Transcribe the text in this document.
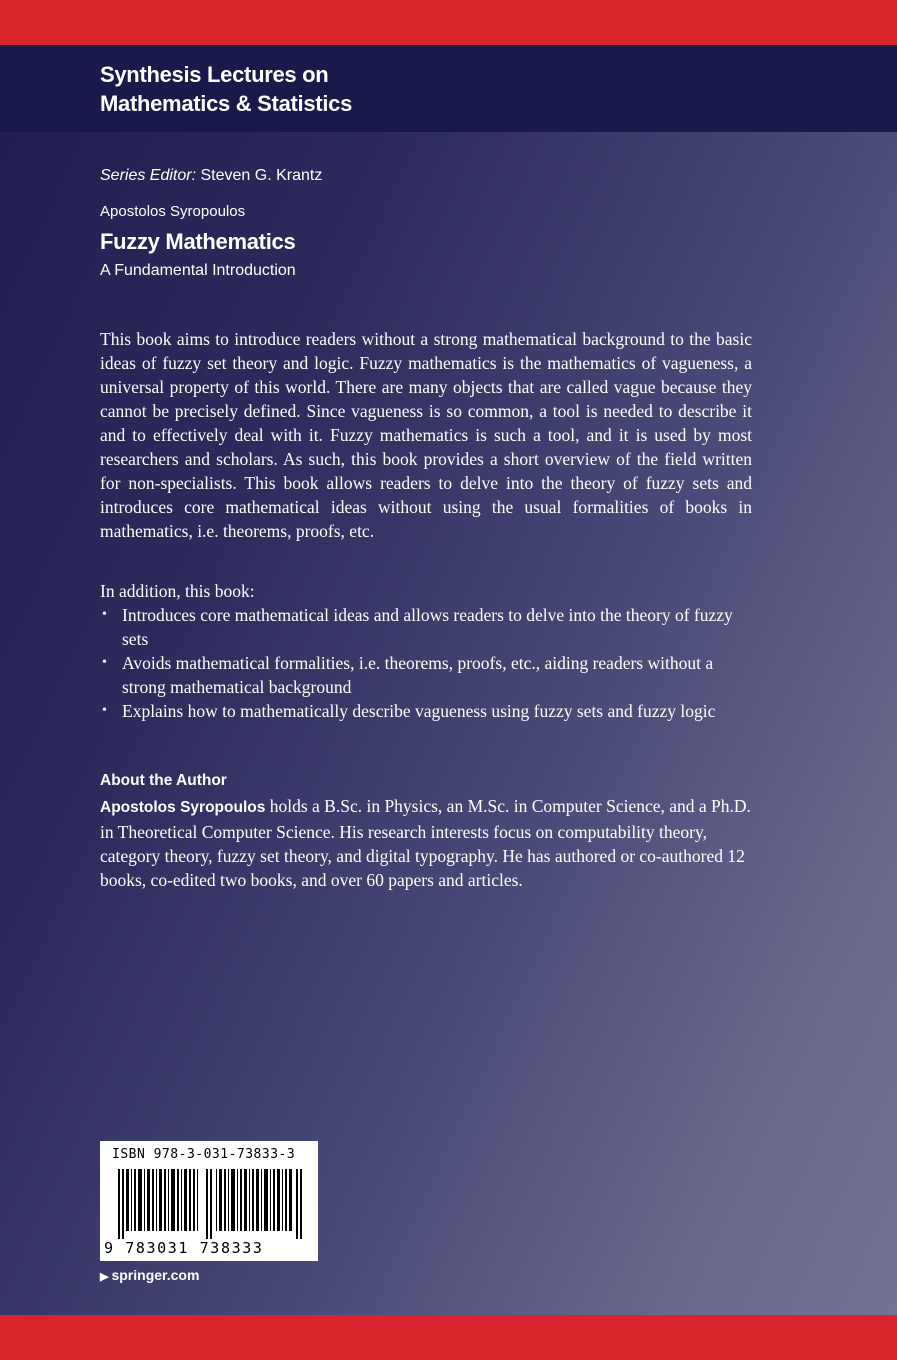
Synthesis Lectures on
Mathematics & Statistics
Series Editor: Steven G. Krantz
Apostolos Syropoulos
Fuzzy Mathematics
A Fundamental Introduction

This book aims to introduce readers without a strong mathematical background to the basic ideas of fuzzy set theory and logic. Fuzzy mathematics is the mathematics of vagueness, a universal property of this world. There are many objects that are called vague because they cannot be precisely defined. Since vagueness is so common, a tool is needed to describe it and to effectively deal with it. Fuzzy mathematics is such a tool, and it is used by most researchers and scholars. As such, this book provides a short overview of the field written for non-specialists. This book allows readers to delve into the theory of fuzzy sets and introduces core mathematical ideas without using the usual formalities of books in mathematics, i.e. theorems, proofs, etc.

In addition, this book:

• Introduces core mathematical ideas and allows readers to delve into the theory of fuzzy sets
• Avoids mathematical formalities, i.e. theorems, proofs, etc., aiding readers without a strong mathematical background
• Explains how to mathematically describe vagueness using fuzzy sets and fuzzy logic
About the Author

Apostolos Syropoulos holds a B.Sc. in Physics, an M.Sc. in Computer Science, and a Ph.D. in Theoretical Computer Science. His research interests focus on computability theory, category theory, fuzzy set theory, and digital typography. He has authored or co-authored 12 books, co-edited two books, and over 60 papers and articles.

ISBN 978-3-031-73833-3
9 783031 738333
▶ springer.com
